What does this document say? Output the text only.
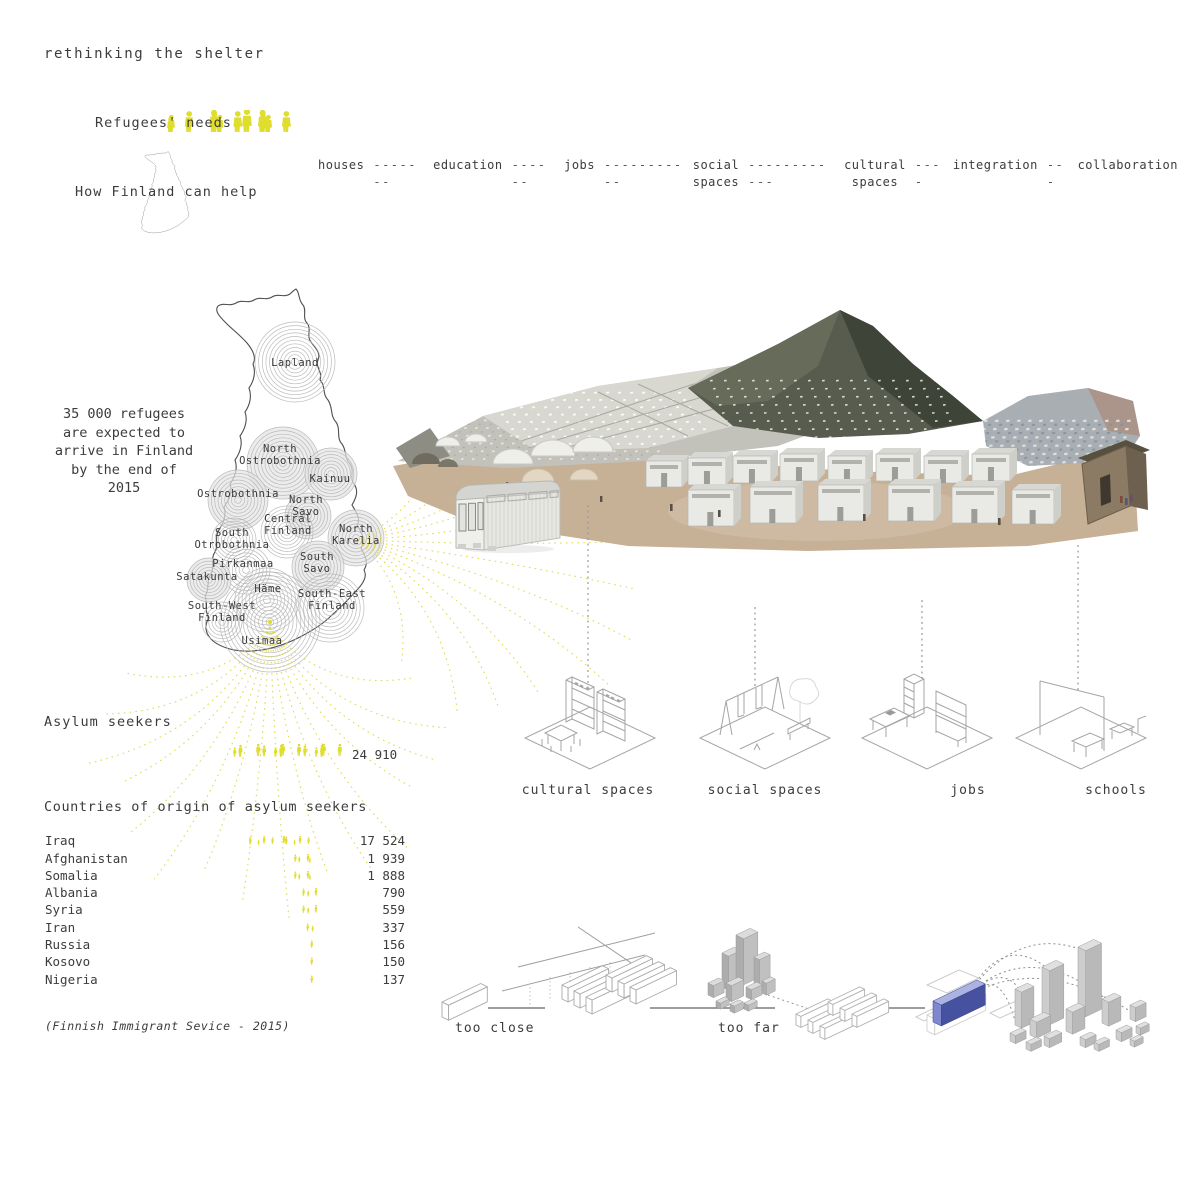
Lapland
North
Ostrobothnia
Kainuu
Ostrobothnia North
Savo
Central
Finland
South
Otrobothnia
North
Karelia
Pirkanmaa
South
Savo
Satakunta
Häme South-East
Finland
South-West
Finland
Usimaa
rethinking the shelter
Refugees' needs
How Finland can help
houses -------
education ------
jobs -----------
social
spaces
------------
cultural
spaces
----
integration ---
collaboration
35 000 refugees
are expected to
arrive in Finland
by the end of
2015
Asylum seekers
24 910
Countries of origin of asylum seekers
Iraq	17 524
Afghanistan	1 939
Somalia	1 888
Albania	790
Syria	559
Iran	337
Russia	156
Kosovo	150
Nigeria	137
(Finnish Immigrant Sevice - 2015)
cultural spaces	social spaces	jobs	schools
too close	too far
